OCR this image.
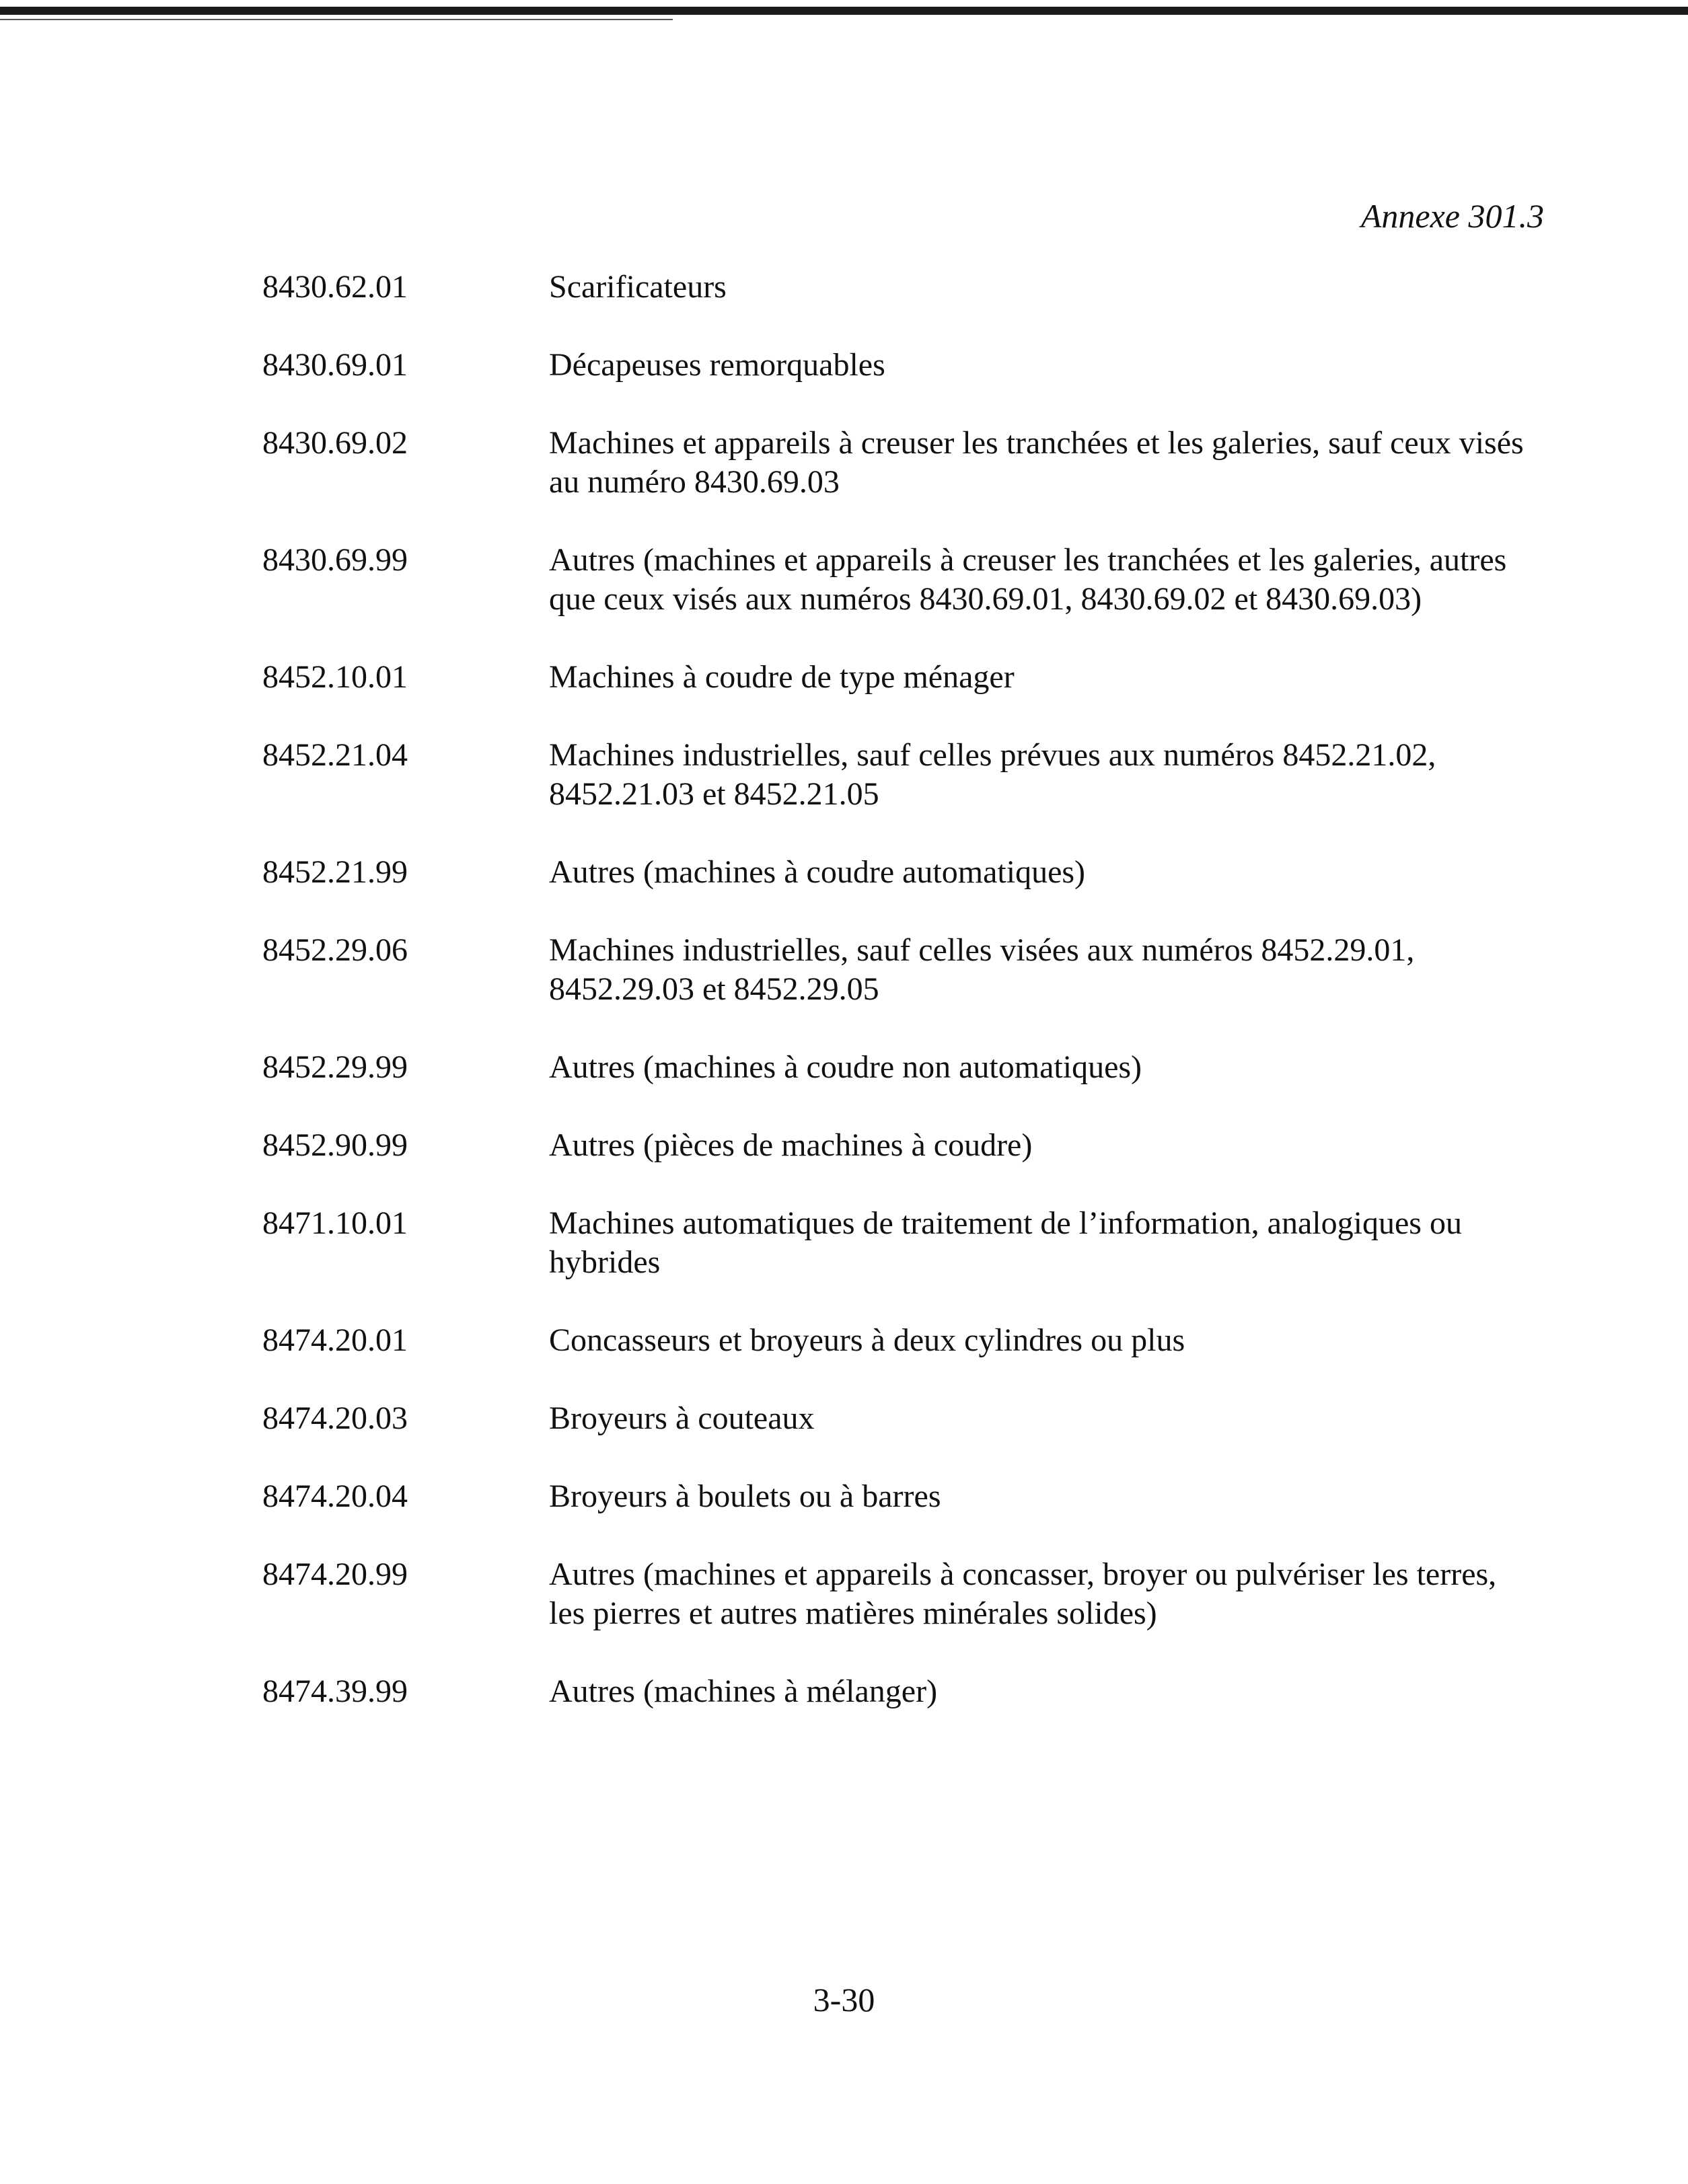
Annexe 301.3
8430.62.01	Scarificateurs
8430.69.01	Décapeuses remorquables
8430.69.02	Machines et appareils à creuser les tranchées et les galeries, sauf ceux visés au numéro 8430.69.03
8430.69.99	Autres (machines et appareils à creuser les tranchées et les galeries, autres que ceux visés aux numéros 8430.69.01, 8430.69.02 et 8430.69.03)
8452.10.01	Machines à coudre de type ménager
8452.21.04	Machines industrielles, sauf celles prévues aux numéros 8452.21.02, 8452.21.03 et 8452.21.05
8452.21.99	Autres (machines à coudre automatiques)
8452.29.06	Machines industrielles, sauf celles visées aux numéros 8452.29.01, 8452.29.03 et 8452.29.05
8452.29.99	Autres (machines à coudre non automatiques)
8452.90.99	Autres (pièces de machines à coudre)
8471.10.01	Machines automatiques de traitement de l’information, analogiques ou hybrides
8474.20.01	Concasseurs et broyeurs à deux cylindres ou plus
8474.20.03	Broyeurs à couteaux
8474.20.04	Broyeurs à boulets ou à barres
8474.20.99	Autres (machines et appareils à concasser, broyer ou pulvériser les terres, les pierres et autres matières minérales solides)
8474.39.99	Autres (machines à mélanger)
3-30
